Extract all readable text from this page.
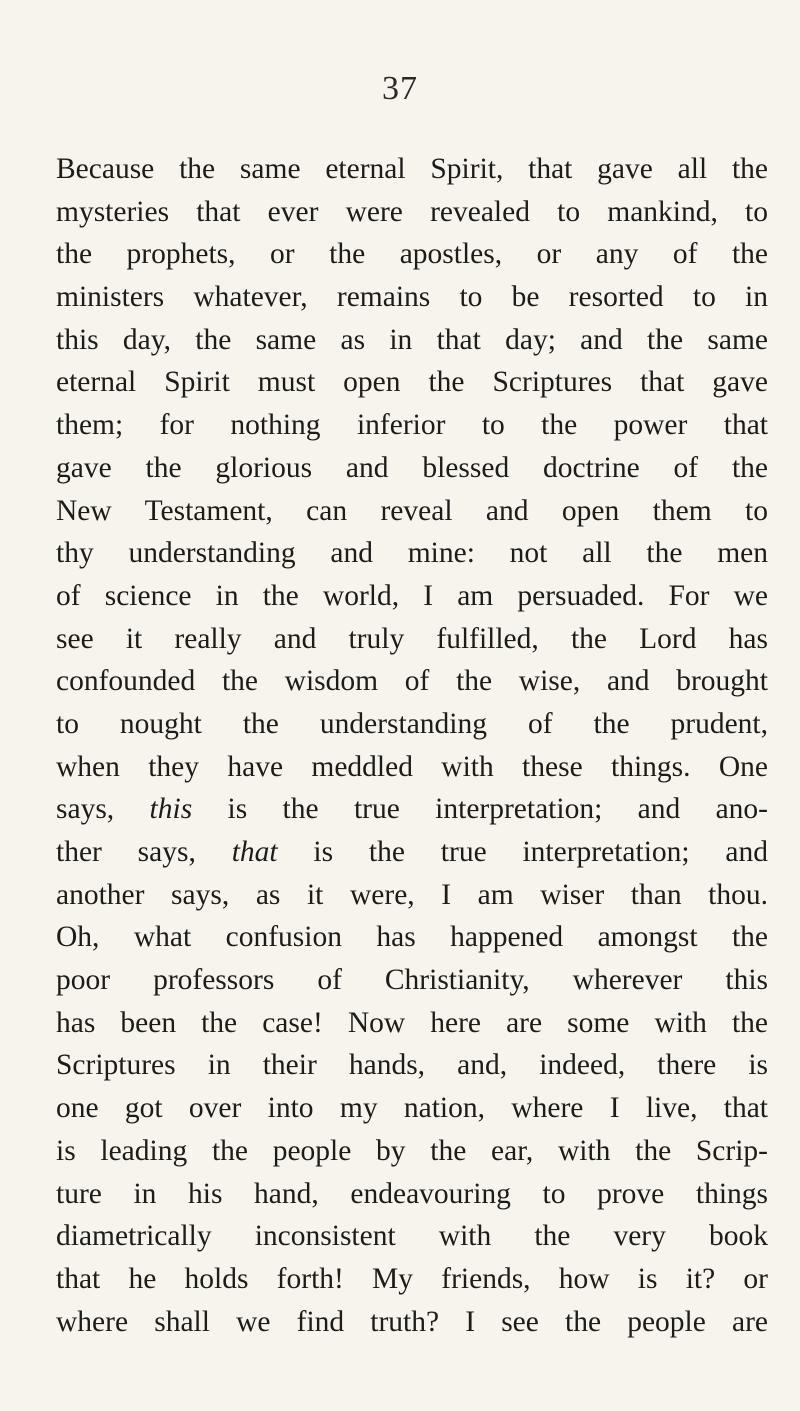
37
Because the same eternal Spirit, that gave all the
mysteries that ever were revealed to mankind, to
the prophets, or the apostles, or any of the
ministers whatever, remains to be resorted to in
this day, the same as in that day; and the same
eternal Spirit must open the Scriptures that gave
them; for nothing inferior to the power that
gave the glorious and blessed doctrine of the
New Testament, can reveal and open them to
thy understanding and mine: not all the men
of science in the world, I am persuaded. For we
see it really and truly fulfilled, the Lord has
confounded the wisdom of the wise, and brought
to nought the understanding of the prudent,
when they have meddled with these things. One
says, this is the true interpretation; and ano-
ther says, that is the true interpretation; and
another says, as it were, I am wiser than thou.
Oh, what confusion has happened amongst the
poor professors of Christianity, wherever this
has been the case! Now here are some with the
Scriptures in their hands, and, indeed, there is
one got over into my nation, where I live, that
is leading the people by the ear, with the Scrip-
ture in his hand, endeavouring to prove things
diametrically inconsistent with the very book
that he holds forth! My friends, how is it? or
where shall we find truth? I see the people are
